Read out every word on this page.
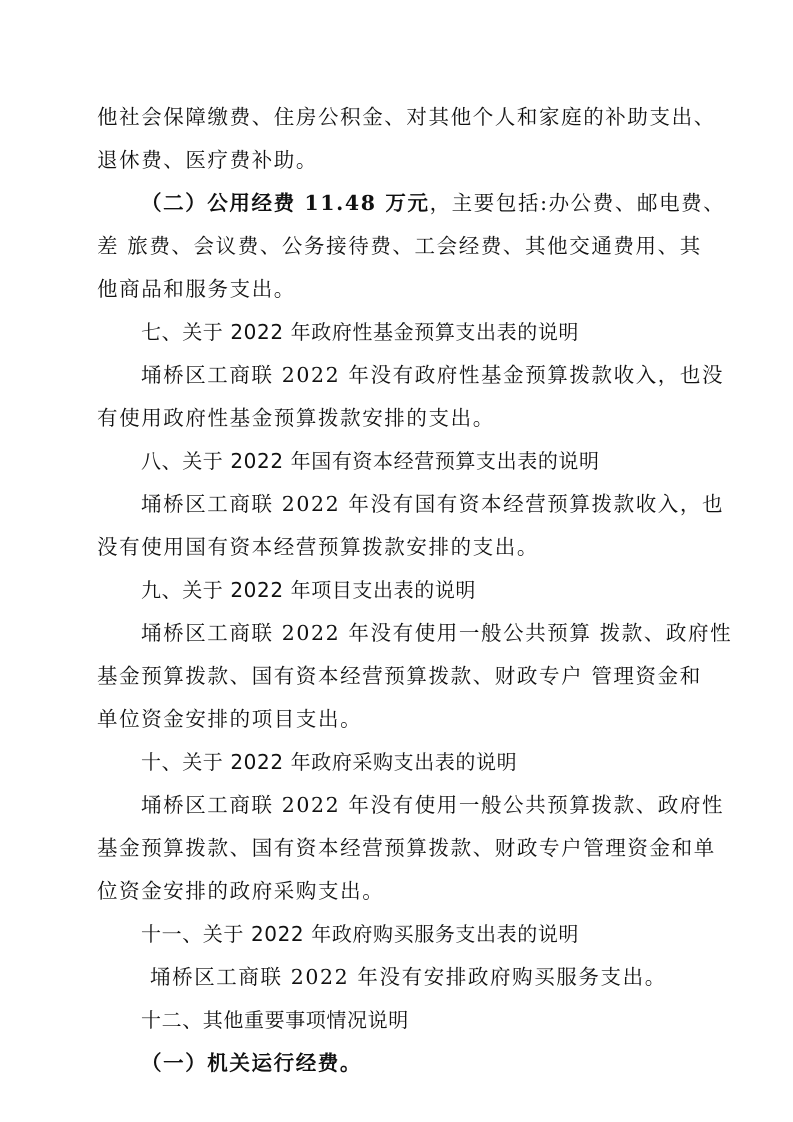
他社会保障缴费、住房公积金、对其他个人和家庭的补助支出、
退休费、医疗费补助。
（二）公用经费 11.48 万元，主要包括:办公费、邮电费、
差 旅费、会议费、公务接待费、工会经费、其他交通费用、其
他商品和服务支出。
七、关于 2022 年政府性基金预算支出表的说明
埇桥区工商联 2022 年没有政府性基金预算拨款收入，也没
有使用政府性基金预算拨款安排的支出。
八、关于 2022 年国有资本经营预算支出表的说明
埇桥区工商联 2022 年没有国有资本经营预算拨款收入，也
没有使用国有资本经营预算拨款安排的支出。
九、关于 2022 年项目支出表的说明
埇桥区工商联 2022 年没有使用一般公共预算 拨款、政府性
基金预算拨款、国有资本经营预算拨款、财政专户 管理资金和
单位资金安排的项目支出。
十、关于 2022 年政府采购支出表的说明
埇桥区工商联 2022 年没有使用一般公共预算拨款、政府性
基金预算拨款、国有资本经营预算拨款、财政专户管理资金和单
位资金安排的政府采购支出。
十一、关于 2022 年政府购买服务支出表的说明
埇桥区工商联 2022 年没有安排政府购买服务支出。
十二、其他重要事项情况说明
（一）机关运行经费。
